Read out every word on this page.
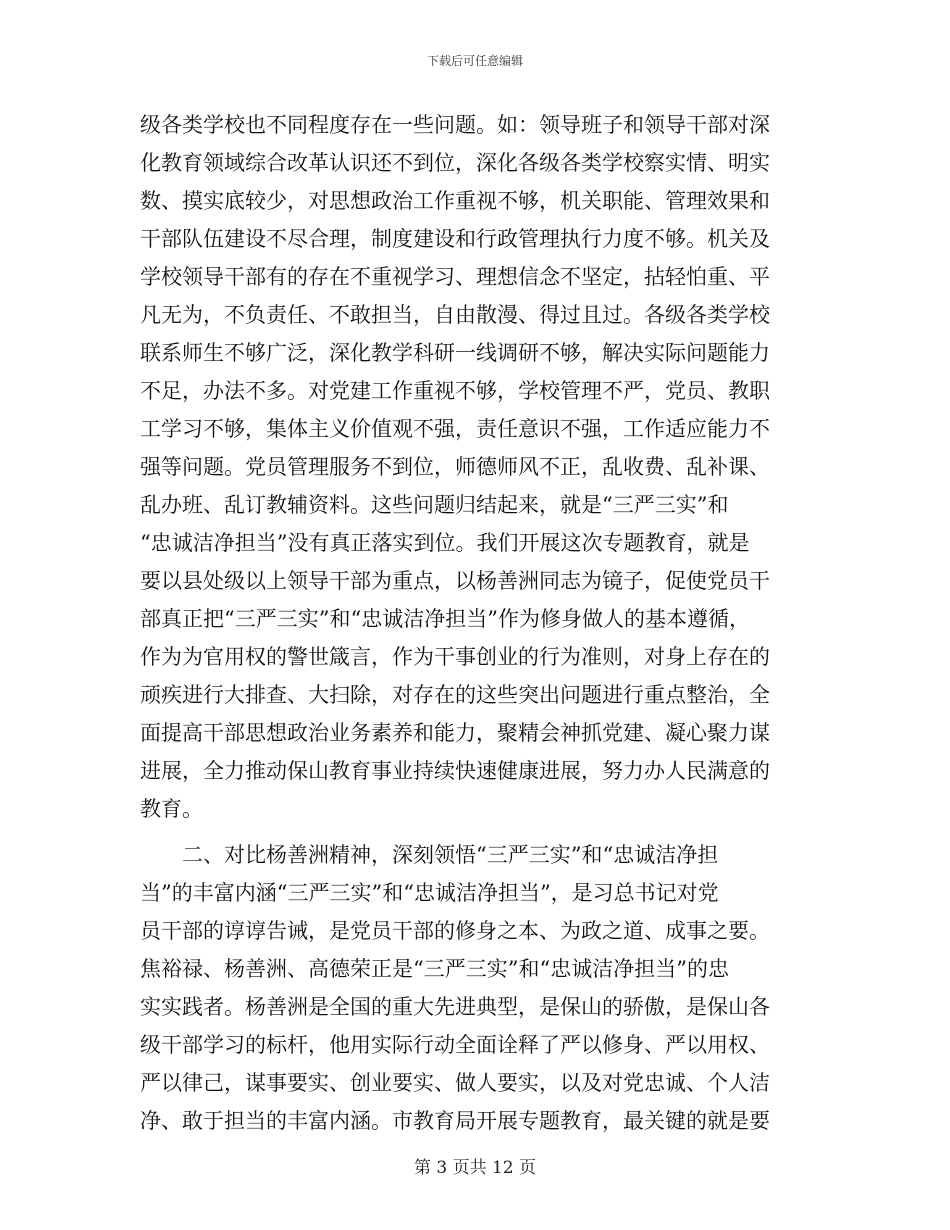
下载后可任意编辑
级各类学校也不同程度存在一些问题。如：领导班子和领导干部对深
化教育领域综合改革认识还不到位，深化各级各类学校察实情、明实
数、摸实底较少，对思想政治工作重视不够，机关职能、管理效果和
干部队伍建设不尽合理，制度建设和行政管理执行力度不够。机关及
学校领导干部有的存在不重视学习、理想信念不坚定，拈轻怕重、平
凡无为，不负责任、不敢担当，自由散漫、得过且过。各级各类学校
联系师生不够广泛，深化教学科研一线调研不够，解决实际问题能力
不足，办法不多。对党建工作重视不够，学校管理不严，党员、教职
工学习不够，集体主义价值观不强，责任意识不强，工作适应能力不
强等问题。党员管理服务不到位，师德师风不正，乱收费、乱补课、
乱办班、乱订教辅资料。这些问题归结起来，就是“三严三实”和
“忠诚洁净担当”没有真正落实到位。我们开展这次专题教育，就是
要以县处级以上领导干部为重点，以杨善洲同志为镜子，促使党员干
部真正把“三严三实”和“忠诚洁净担当”作为修身做人的基本遵循，
作为为官用权的警世箴言，作为干事创业的行为准则，对身上存在的
顽疾进行大排查、大扫除，对存在的这些突出问题进行重点整治，全
面提高干部思想政治业务素养和能力，聚精会神抓党建、凝心聚力谋
进展，全力推动保山教育事业持续快速健康进展，努力办人民满意的
教育。
　　二、对比杨善洲精神，深刻领悟“三严三实”和“忠诚洁净担
当”的丰富内涵“三严三实”和“忠诚洁净担当”，是习总书记对党
员干部的谆谆告诫，是党员干部的修身之本、为政之道、成事之要。
焦裕禄、杨善洲、高德荣正是“三严三实”和“忠诚洁净担当”的忠
实实践者。杨善洲是全国的重大先进典型，是保山的骄傲，是保山各
级干部学习的标杆，他用实际行动全面诠释了严以修身、严以用权、
严以律己，谋事要实、创业要实、做人要实，以及对党忠诚、个人洁
净、敢于担当的丰富内涵。市教育局开展专题教育，最关键的就是要
第 3 页共 12 页
